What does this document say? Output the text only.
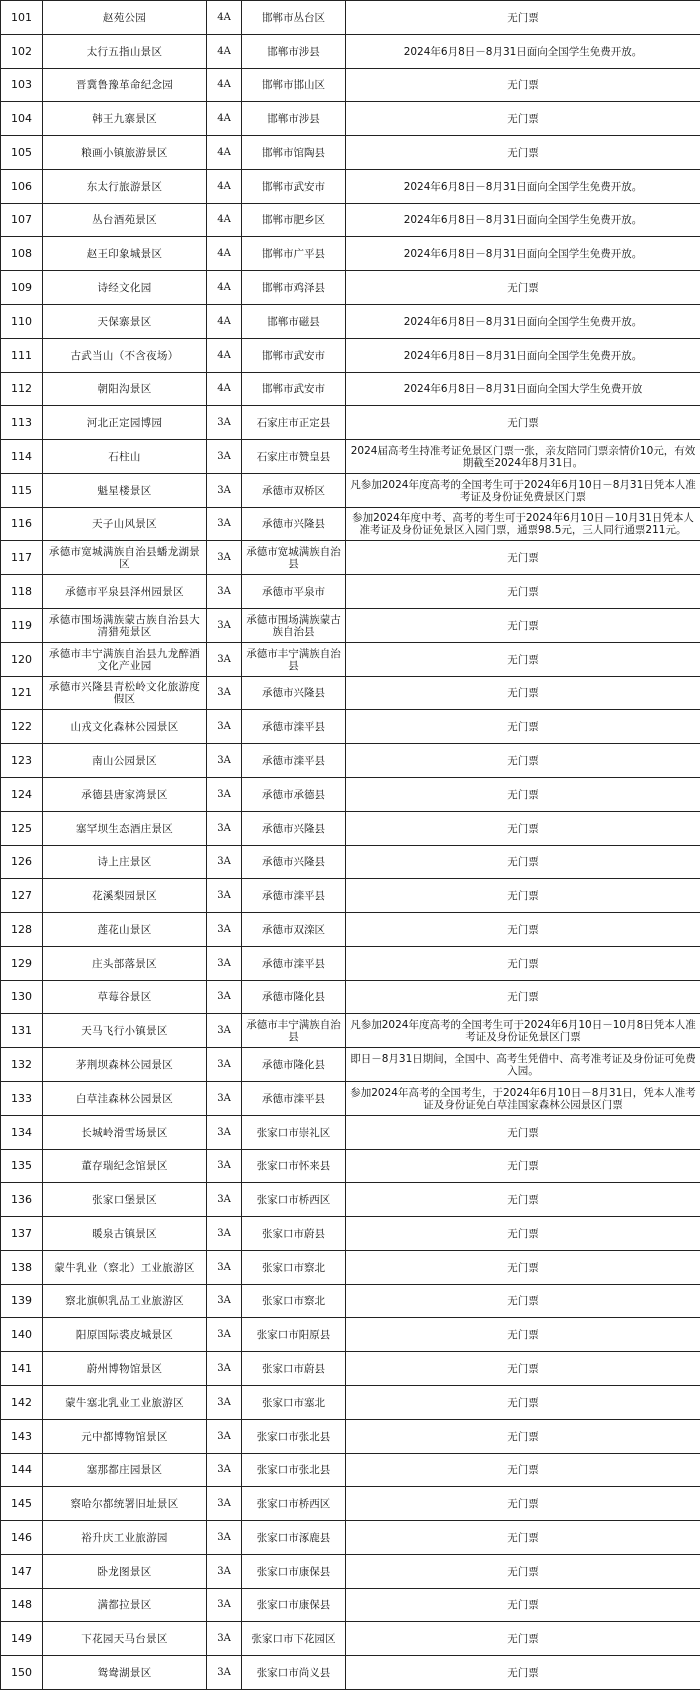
101	赵苑公园	4A	邯郸市丛台区	无门票
102	太行五指山景区	4A	邯郸市涉县	2024年6月8日－8月31日面向全国学生免费开放。
103	晋冀鲁豫革命纪念园	4A	邯郸市邯山区	无门票
104	韩王九寨景区	4A	邯郸市涉县	无门票
105	粮画小镇旅游景区	4A	邯郸市馆陶县	无门票
106	东太行旅游景区	4A	邯郸市武安市	2024年6月8日－8月31日面向全国学生免费开放。
107	丛台酒苑景区	4A	邯郸市肥乡区	2024年6月8日－8月31日面向全国学生免费开放。
108	赵王印象城景区	4A	邯郸市广平县	2024年6月8日－8月31日面向全国学生免费开放。
109	诗经文化园	4A	邯郸市鸡泽县	无门票
110	天保寨景区	4A	邯郸市磁县	2024年6月8日－8月31日面向全国学生免费开放。
111	古武当山（不含夜场）	4A	邯郸市武安市	2024年6月8日－8月31日面向全国学生免费开放。
112	朝阳沟景区	4A	邯郸市武安市	2024年6月8日－8月31日面向全国大学生免费开放
113	河北正定园博园	3A	石家庄市正定县	无门票
114	石柱山	3A	石家庄市赞皇县	2024届高考生持准考证免景区门票一张，亲友陪同门票亲情价10元，有效期截至2024年8月31日。
115	魁星楼景区	3A	承德市双桥区	凡参加2024年度高考的全国考生可于2024年6月10日－8月31日凭本人准考证及身份证免费景区门票
116	天子山风景区	3A	承德市兴隆县	参加2024年度中考、高考的考生可于2024年6月10日－10月31日凭本人准考证及身份证免景区入园门票，通票98.5元，三人同行通票211元。
117	承德市宽城满族自治县蟠龙湖景区	3A	承德市宽城满族自治县	无门票
118	承德市平泉县泽州园景区	3A	承德市平泉市	无门票
119	承德市围场满族蒙古族自治县大清猎苑景区	3A	承德市围场满族蒙古族自治县	无门票
120	承德市丰宁满族自治县九龙醉酒文化产业园	3A	承德市丰宁满族自治县	无门票
121	承德市兴隆县青松岭文化旅游度假区	3A	承德市兴隆县	无门票
122	山戎文化森林公园景区	3A	承德市滦平县	无门票
123	南山公园景区	3A	承德市滦平县	无门票
124	承德县唐家湾景区	3A	承德市承德县	无门票
125	塞罕坝生态酒庄景区	3A	承德市兴隆县	无门票
126	诗上庄景区	3A	承德市兴隆县	无门票
127	花溪梨园景区	3A	承德市滦平县	无门票
128	莲花山景区	3A	承德市双滦区	无门票
129	庄头部落景区	3A	承德市滦平县	无门票
130	草莓谷景区	3A	承德市隆化县	无门票
131	天马飞行小镇景区	3A	承德市丰宁满族自治县	凡参加2024年度高考的全国考生可于2024年6月10日－10月8日凭本人准考证及身份证免景区门票
132	茅荆坝森林公园景区	3A	承德市隆化县	即日－8月31日期间，全国中、高考生凭借中、高考准考证及身份证可免费入园。
133	白草洼森林公园景区	3A	承德市滦平县	参加2024年高考的全国考生，于2024年6月10日－8月31日，凭本人准考证及身份证免白草洼国家森林公园景区门票
134	长城岭滑雪场景区	3A	张家口市崇礼区	无门票
135	董存瑞纪念馆景区	3A	张家口市怀来县	无门票
136	张家口堡景区	3A	张家口市桥西区	无门票
137	暖泉古镇景区	3A	张家口市蔚县	无门票
138	蒙牛乳业（察北）工业旅游区	3A	张家口市察北	无门票
139	察北旗帜乳品工业旅游区	3A	张家口市察北	无门票
140	阳原国际裘皮城景区	3A	张家口市阳原县	无门票
141	蔚州博物馆景区	3A	张家口市蔚县	无门票
142	蒙牛塞北乳业工业旅游区	3A	张家口市塞北	无门票
143	元中都博物馆景区	3A	张家口市张北县	无门票
144	塞那都庄园景区	3A	张家口市张北县	无门票
145	察哈尔都统署旧址景区	3A	张家口市桥西区	无门票
146	裕升庆工业旅游园	3A	张家口市涿鹿县	无门票
147	卧龙图景区	3A	张家口市康保县	无门票
148	满都拉景区	3A	张家口市康保县	无门票
149	下花园天马台景区	3A	张家口市下花园区	无门票
150	鸳鸯湖景区	3A	张家口市尚义县	无门票
